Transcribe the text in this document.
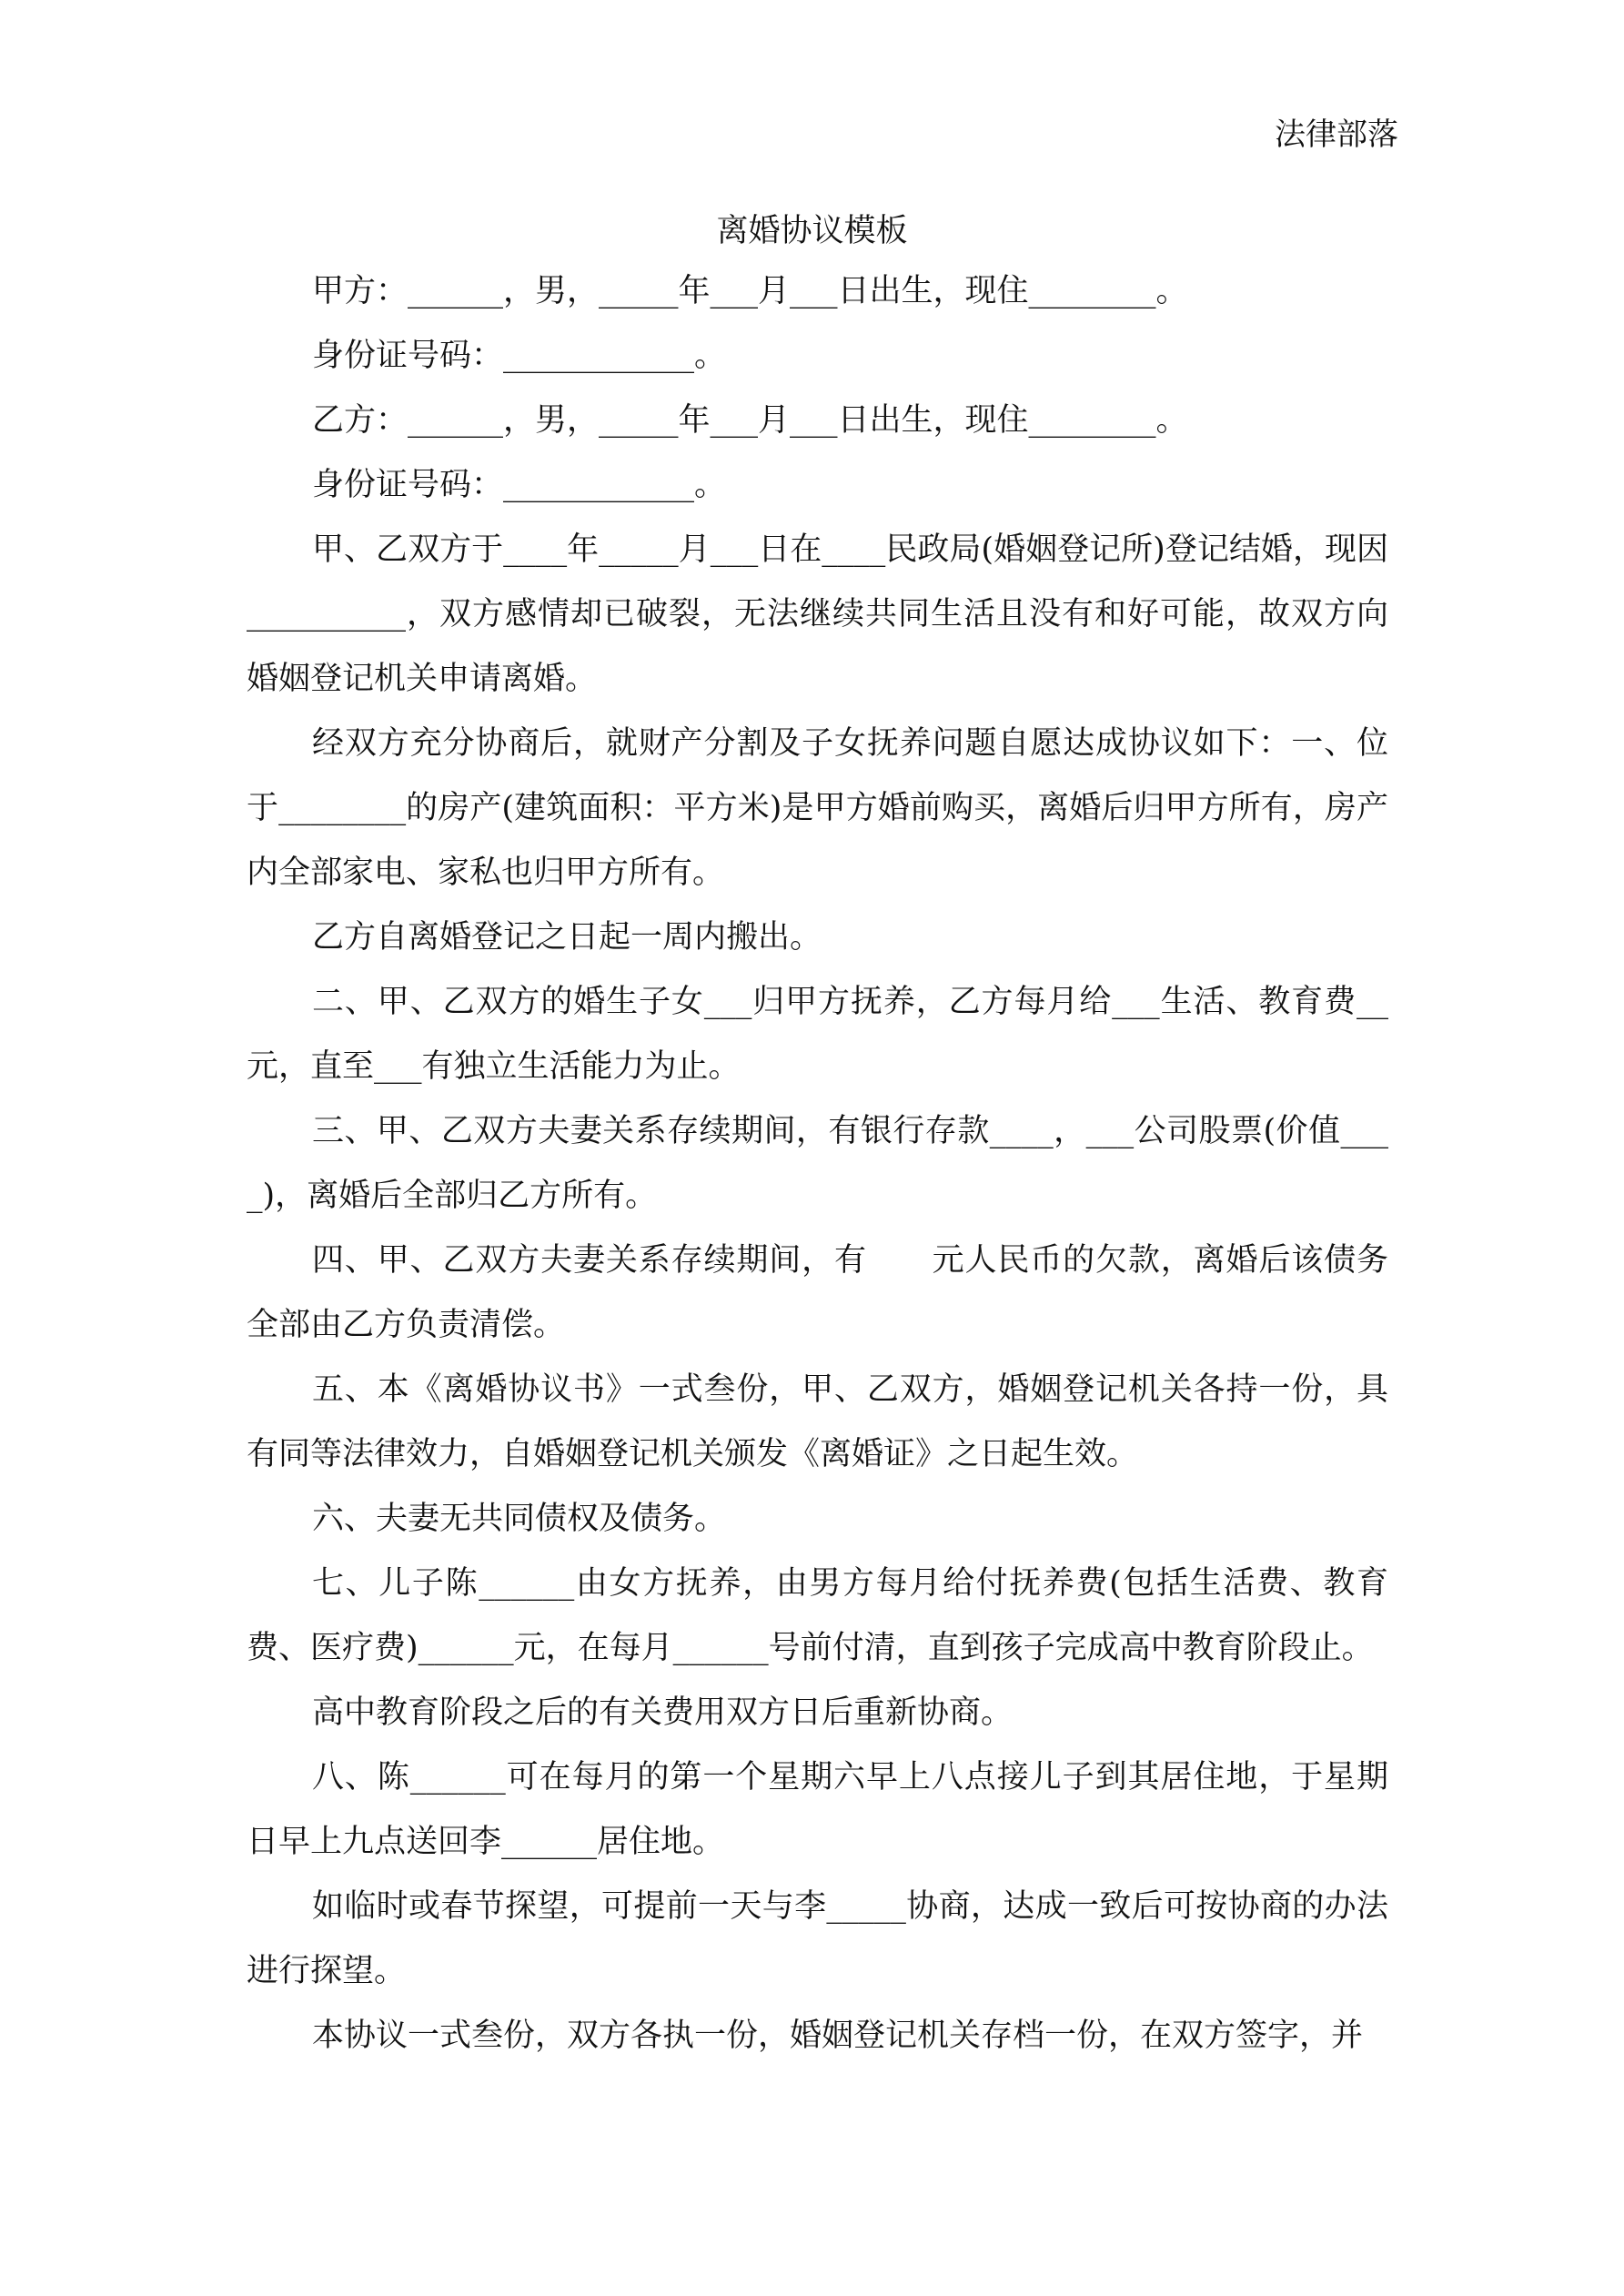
法律部落

离婚协议模板

甲方：______，男，_____年___月___日出生，现住________。

身份证号码：____________。

乙方：______，男，_____年___月___日出生，现住________。

身份证号码：____________。

甲、乙双方于____年_____月___日在____民政局(婚姻登记所)登记结婚，现因__________，双方感情却已破裂，无法继续共同生活且没有和好可能，故双方向婚姻登记机关申请离婚。

经双方充分协商后，就财产分割及子女抚养问题自愿达成协议如下：一、位于________的房产(建筑面积：平方米)是甲方婚前购买，离婚后归甲方所有，房产内全部家电、家私也归甲方所有。

乙方自离婚登记之日起一周内搬出。

二、甲、乙双方的婚生子女___归甲方抚养，乙方每月给___生活、教育费__元，直至___有独立生活能力为止。

三、甲、乙双方夫妻关系存续期间，有银行存款____，___公司股票(价值____)，离婚后全部归乙方所有。

四、甲、乙双方夫妻关系存续期间，有　　元人民币的欠款，离婚后该债务全部由乙方负责清偿。

五、本《离婚协议书》一式叁份，甲、乙双方，婚姻登记机关各持一份，具有同等法律效力，自婚姻登记机关颁发《离婚证》之日起生效。

六、夫妻无共同债权及债务。

七、儿子陈______由女方抚养，由男方每月给付抚养费(包括生活费、教育费、医疗费)______元，在每月______号前付清，直到孩子完成高中教育阶段止。

高中教育阶段之后的有关费用双方日后重新协商。

八、陈______可在每月的第一个星期六早上八点接儿子到其居住地，于星期日早上九点送回李______居住地。

如临时或春节探望，可提前一天与李_____协商，达成一致后可按协商的办法进行探望。

本协议一式叁份，双方各执一份，婚姻登记机关存档一份，在双方签字，并
